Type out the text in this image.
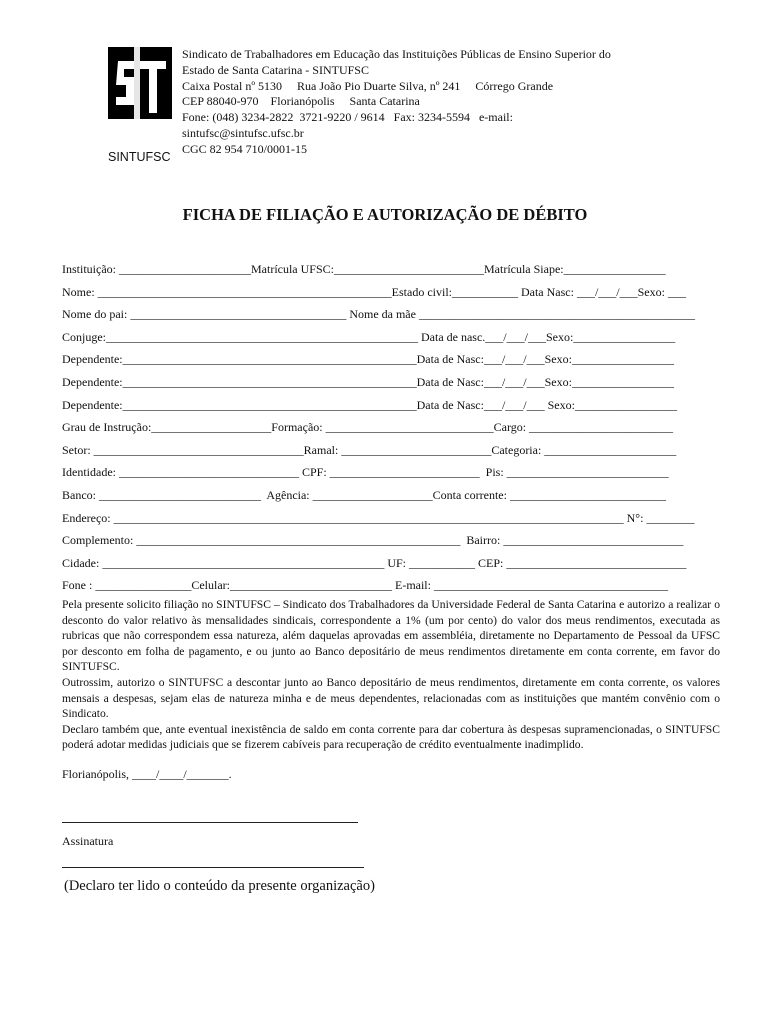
SINTUFSC
Sindicato de Trabalhadores em Educação das Instituições Públicas de Ensino Superior do
Estado de Santa Catarina - SINTUFSC
Caixa Postal nº 5130     Rua João Pio Duarte Silva, nº 241     Córrego Grande
CEP 88040-970    Florianópolis     Santa Catarina
Fone: (048) 3234-2822  3721-9220 / 9614   Fax: 3234-5594   e-mail:
sintufsc@sintufsc.ufsc.br
CGC 82 954 710/0001-15
FICHA DE FILIAÇÃO E AUTORIZAÇÃO DE DÉBITO
Instituição: ______________________Matrícula UFSC:_________________________Matrícula Siape:_________________
Nome: _________________________________________________Estado civil:___________ Data Nasc: ___/___/___Sexo: ___
Nome do pai: ____________________________________ Nome da mãe ______________________________________________
Conjuge:____________________________________________________ Data de nasc.___/___/___Sexo:_________________
Dependente:_________________________________________________Data de Nasc:___/___/___Sexo:_________________
Dependente:_________________________________________________Data de Nasc:___/___/___Sexo:_________________
Dependente:_________________________________________________Data de Nasc:___/___/___ Sexo:_________________
Grau de Instrução:____________________Formação: ____________________________Cargo: ________________________
Setor: ___________________________________Ramal: _________________________Categoria: ______________________
Identidade: ______________________________ CPF: _________________________  Pis: ___________________________
Banco: ___________________________  Agência: ____________________Conta corrente: __________________________
Endereço: _____________________________________________________________________________________ N°: ________
Complemento: ______________________________________________________  Bairro: ______________________________
Cidade: _______________________________________________ UF: ___________ CEP: ______________________________
Fone : ________________Celular:___________________________ E-mail: _______________________________________

Pela presente solicito filiação no SINTUFSC – Sindicato dos Trabalhadores da Universidade Federal de Santa Catarina e autorizo a realizar o desconto do valor relativo às mensalidades sindicais, correspondente a 1% (um por cento) do valor dos meus rendimentos, executada as rubricas que não correspondem essa natureza, além daquelas aprovadas em assembléia, diretamente no Departamento de Pessoal da UFSC por desconto em folha de pagamento, e ou junto ao Banco depositário de meus rendimentos diretamente em conta corrente, em favor do SINTUFSC.

Outrossim, autorizo o SINTUFSC a descontar junto ao Banco depositário de meus rendimentos, diretamente em conta corrente, os valores mensais a despesas, sejam elas de natureza minha e de meus dependentes, relacionadas com as instituições que mantém convênio com o Sindicato.

Declaro também que, ante eventual inexistência de saldo em conta corrente para dar cobertura às despesas supramencionadas, o SINTUFSC poderá adotar medidas judiciais que se fizerem cabíveis para recuperação de crédito eventualmente inadimplido.

Florianópolis, ____/____/_______.
Assinatura
(Declaro ter lido o conteúdo da presente organização)
